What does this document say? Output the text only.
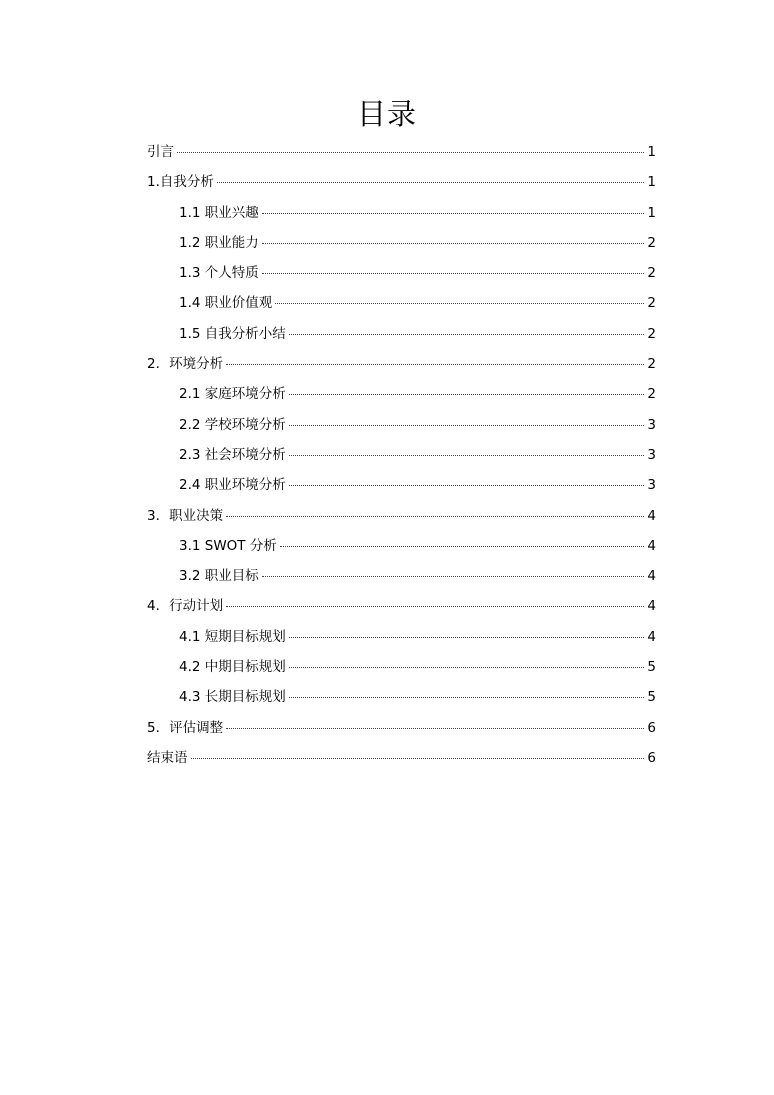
目录
引言	1
1.自我分析	1
1.1 职业兴趣	1
1.2 职业能力	2
1.3 个人特质	2
1.4 职业价值观	2
1.5 自我分析小结	2
2．环境分析	2
2.1 家庭环境分析	2
2.2 学校环境分析	3
2.3 社会环境分析	3
2.4 职业环境分析	3
3．职业决策	4
3.1 SWOT 分析	4
3.2 职业目标	4
4．行动计划	4
4.1 短期目标规划	4
4.2 中期目标规划	5
4.3 长期目标规划	5
5．评估调整	6
结束语	6
